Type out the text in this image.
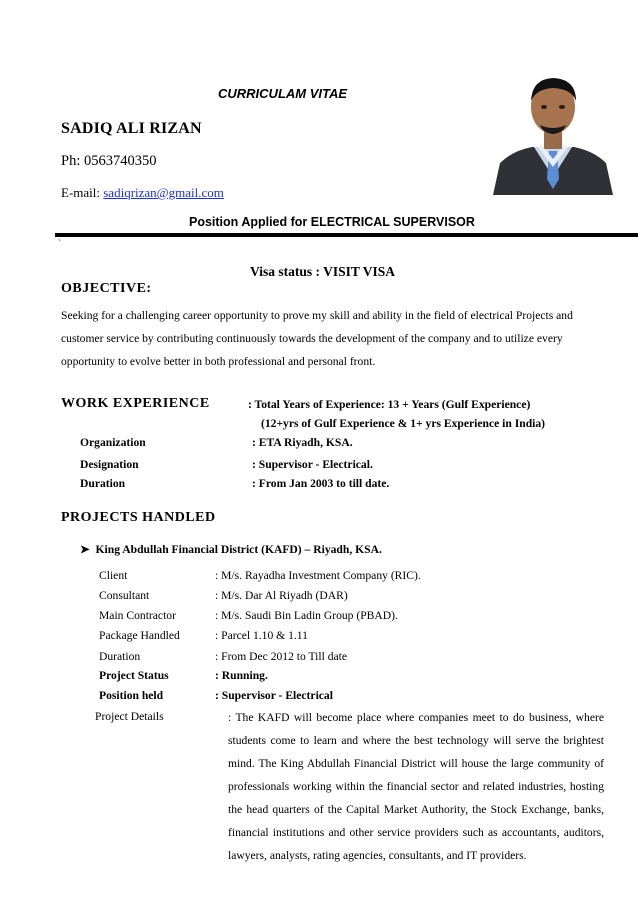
CURRICULAM VITAE
SADIQ ALI RIZAN
Ph: 0563740350
E-mail: sadiqrizan@gmail.com
Position Applied for ELECTRICAL SUPERVISOR
`
Visa status : VISIT VISA
OBJECTIVE:
Seeking for a challenging career opportunity to prove my skill and ability in the field of electrical Projects and customer service by contributing continuously towards the development of the company and to utilize every opportunity to evolve better in both professional and personal front.
WORK EXPERIENCE	: Total Years of Experience: 13 + Years (Gulf Experience)
(12+yrs of Gulf Experience & 1+ yrs Experience in India)
Organization	: ETA Riyadh, KSA.
Designation	: Supervisor - Electrical.
Duration	: From Jan 2003 to till date.
PROJECTS HANDLED
➤ King Abdullah Financial District (KAFD) – Riyadh, KSA.
Client	: M/s. Rayadha Investment Company (RIC).
Consultant	: M/s. Dar Al Riyadh (DAR)
Main Contractor	: M/s. Saudi Bin Ladin Group (PBAD).
Package Handled	: Parcel 1.10 & 1.11
Duration	: From Dec 2012 to Till date
Project Status	: Running.
Position held	: Supervisor - Electrical
Project Details	: The KAFD will become place where companies meet to do business, where students come to learn and where the best technology will serve the brightest mind. The King Abdullah Financial District will house the large community of professionals working within the financial sector and related industries, hosting the head quarters of the Capital Market Authority, the Stock Exchange, banks, financial institutions and other service providers such as accountants, auditors, lawyers, analysts, rating agencies, consultants, and IT providers.
